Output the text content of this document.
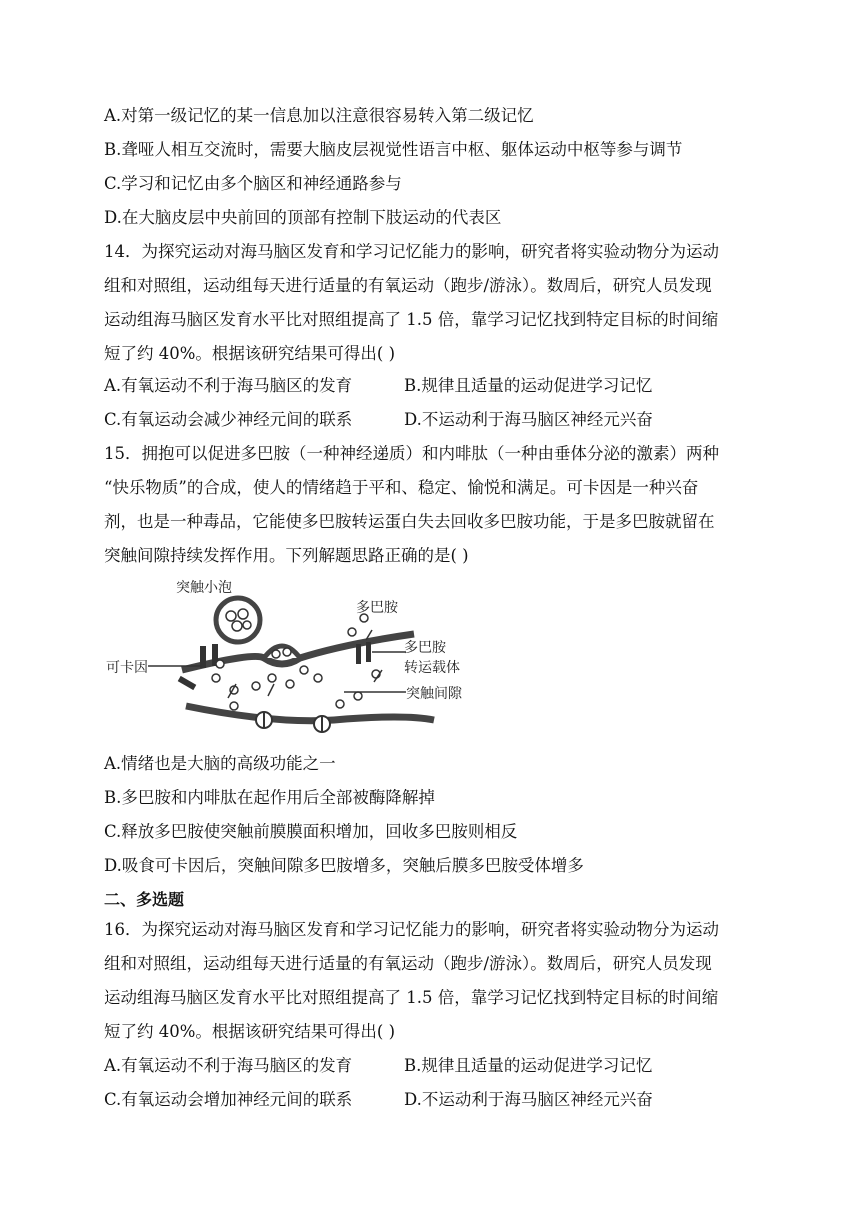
A.对第一级记忆的某一信息加以注意很容易转入第二级记忆
B.聋哑人相互交流时，需要大脑皮层视觉性语言中枢、躯体运动中枢等参与调节
C.学习和记忆由多个脑区和神经通路参与
D.在大脑皮层中央前回的顶部有控制下肢运动的代表区
14．为探究运动对海马脑区发育和学习记忆能力的影响，研究者将实验动物分为运动
组和对照组，运动组每天进行适量的有氧运动（跑步/游泳）。数周后，研究人员发现
运动组海马脑区发育水平比对照组提高了 1.5 倍，靠学习记忆找到特定目标的时间缩
短了约 40%。根据该研究结果可得出( )
A.有氧运动不利于海马脑区的发育	B.规律且适量的运动促进学习记忆
C.有氧运动会减少神经元间的联系	D.不运动利于海马脑区神经元兴奋
15．拥抱可以促进多巴胺（一种神经递质）和内啡肽（一种由垂体分泌的激素）两种
“快乐物质”的合成，使人的情绪趋于平和、稳定、愉悦和满足。可卡因是一种兴奋
剂，也是一种毒品，它能使多巴胺转运蛋白失去回收多巴胺功能，于是多巴胺就留在
突触间隙持续发挥作用。下列解题思路正确的是( )
突触小泡
多巴胺
可卡因
多巴胺
转运载体
突触间隙
A.情绪也是大脑的高级功能之一
B.多巴胺和内啡肽在起作用后全部被酶降解掉
C.释放多巴胺使突触前膜膜面积增加，回收多巴胺则相反
D.吸食可卡因后，突触间隙多巴胺增多，突触后膜多巴胺受体增多
二、多选题
16．为探究运动对海马脑区发育和学习记忆能力的影响，研究者将实验动物分为运动
组和对照组，运动组每天进行适量的有氧运动（跑步/游泳）。数周后，研究人员发现
运动组海马脑区发育水平比对照组提高了 1.5 倍，靠学习记忆找到特定目标的时间缩
短了约 40%。根据该研究结果可得出( )
A.有氧运动不利于海马脑区的发育	B.规律且适量的运动促进学习记忆
C.有氧运动会增加神经元间的联系	D.不运动利于海马脑区神经元兴奋
